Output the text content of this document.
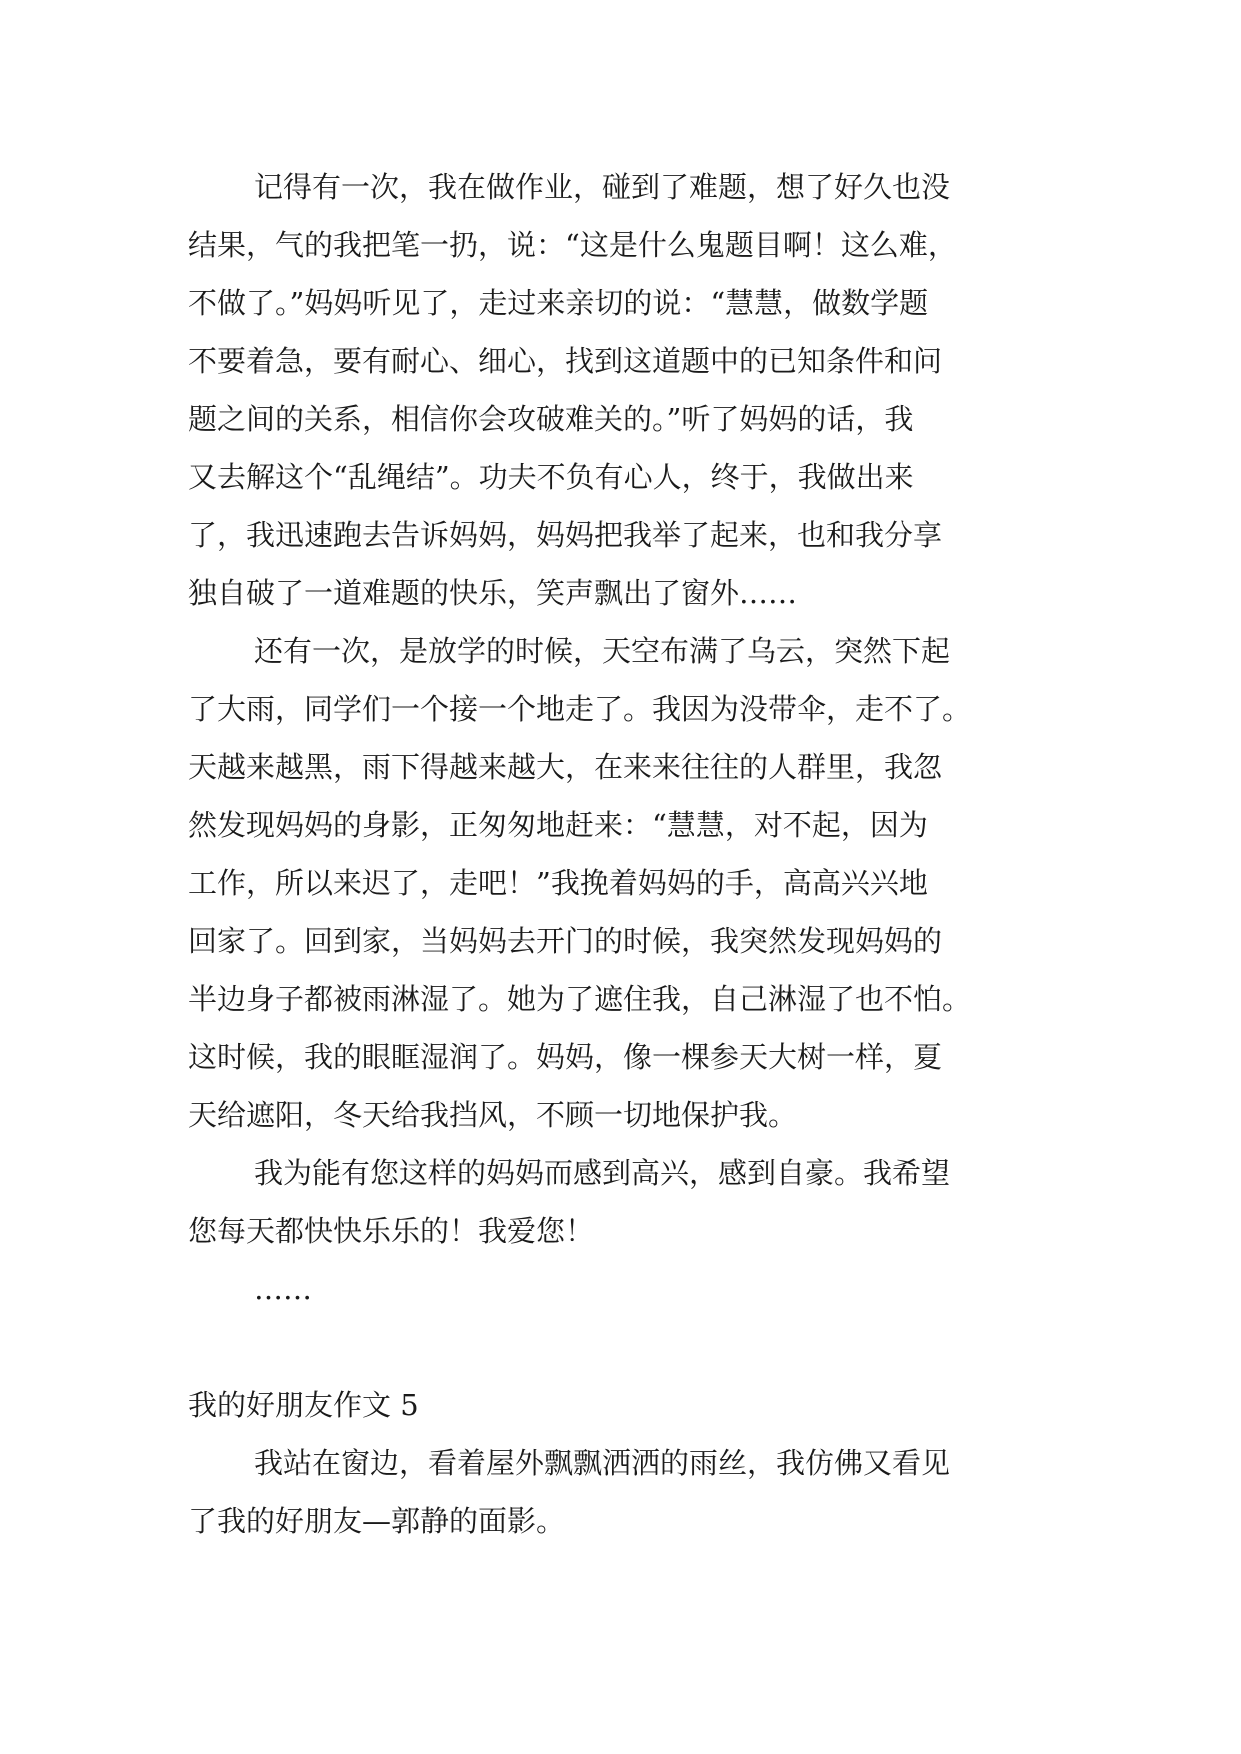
记得有一次，我在做作业，碰到了难题，想了好久也没
结果，气的我把笔一扔，说：“这是什么鬼题目啊！这么难，
不做了。”妈妈听见了，走过来亲切的说：“慧慧，做数学题
不要着急，要有耐心、细心，找到这道题中的已知条件和问
题之间的关系，相信你会攻破难关的。”听了妈妈的话，我
又去解这个“乱绳结”。功夫不负有心人，终于，我做出来
了，我迅速跑去告诉妈妈，妈妈把我举了起来，也和我分享
独自破了一道难题的快乐，笑声飘出了窗外……
还有一次，是放学的时候，天空布满了乌云，突然下起
了大雨，同学们一个接一个地走了。我因为没带伞，走不了。
天越来越黑，雨下得越来越大，在来来往往的人群里，我忽
然发现妈妈的身影，正匆匆地赶来：“慧慧，对不起，因为
工作，所以来迟了，走吧！”我挽着妈妈的手，高高兴兴地
回家了。回到家，当妈妈去开门的时候，我突然发现妈妈的
半边身子都被雨淋湿了。她为了遮住我，自己淋湿了也不怕。
这时候，我的眼眶湿润了。妈妈，像一棵参天大树一样，夏
天给遮阳，冬天给我挡风，不顾一切地保护我。
我为能有您这样的妈妈而感到高兴，感到自豪。我希望
您每天都快快乐乐的！我爱您！
……
我的好朋友作文 5
我站在窗边，看着屋外飘飘洒洒的雨丝，我仿佛又看见
了我的好朋友—郭静的面影。
